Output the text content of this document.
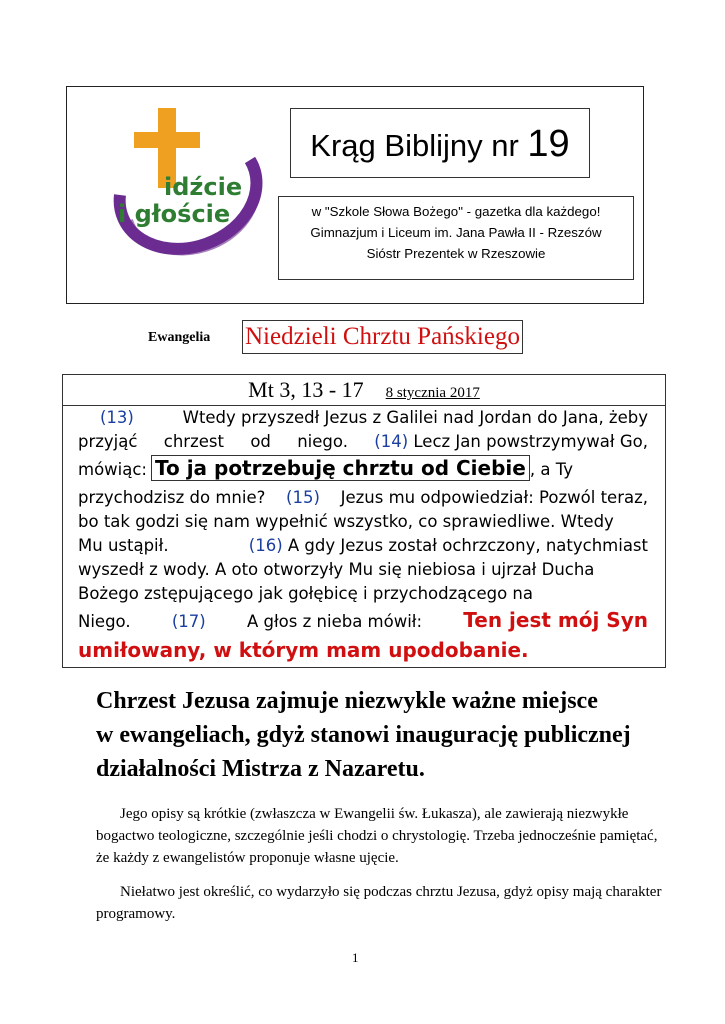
idźcie
i głoście
Krąg Biblijny nr 19
w "Szkole Słowa Bożego" - gazetka dla każdego!
Gimnazjum i Liceum im. Jana Pawła II - Rzeszów
Sióstr Prezentek w Rzeszowie
Ewangelia Niedzieli Chrztu Pańskiego
Mt 3, 13 - 17 8 stycznia 2017
(13)	Wtedy przyszedł Jezus z Galilei nad Jordan do Jana, żeby
przyjąć chrzest od niego. (14) Lecz Jan powstrzymywał Go,
mówiąc: To ja potrzebuję chrztu od Ciebie , a Ty
przychodzisz do mnie? (15) Jezus mu odpowiedział: Pozwól teraz,
bo tak godzi się nam wypełnić wszystko, co sprawiedliwe. Wtedy
Mu ustąpił.	(16) A gdy Jezus został ochrzczony, natychmiast
wyszedł z wody. A oto otworzyły Mu się niebiosa i ujrzał Ducha
Bożego zstępującego jak gołębicę i przychodzącego na
Niego.	(17)	A głos z nieba mówił: Ten jest mój Syn
umiłowany, w którym mam upodobanie.
Chrzest Jezusa zajmuje niezwykle ważne miejsce
w ewangeliach, gdyż stanowi inaugurację publicznej
działalności Mistrza z Nazaretu.
Jego opisy są krótkie (zwłaszcza w Ewangelii św. Łukasza), ale zawierają niezwykłe
bogactwo teologiczne, szczególnie jeśli chodzi o chrystologię. Trzeba jednocześnie pamiętać,
że każdy z ewangelistów proponuje własne ujęcie.
Niełatwo jest określić, co wydarzyło się podczas chrztu Jezusa, gdyż opisy mają charakter
programowy.
1
